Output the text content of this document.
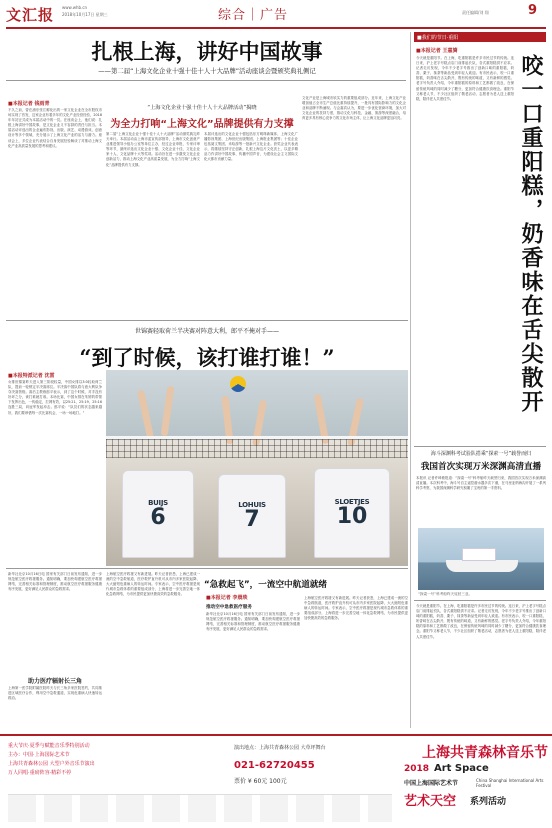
文汇报 www.whb.cn
2018年10月17日 星期三	综合｜广告	责任编辑/刘 翔	9
扎根上海，讲好中国故事
——第二届“上海文化企业十强十佳十人十大品牌”活动座谈会暨颁奖典礼侧记
■本报记者 钱雨青
不久之前，曾在浦东张江孵化出的一家文化企业在全市股权市场实现了首发，这家企业有着多年的文化产业经营经验，2018年年初正式成为本届活动中的一员。在座谈会上，他们说：扎根上海讲好中国故事，是文化企业义不容辞的责任与担当。本届活动评选出的企业遍布影视、出版、演艺、动漫游戏、创意设计等多个领域，充分展示了上海文化产业的活力与潜力。座谈会上，多位企业代表结合自身发展经验畅谈了对推动上海文化产业高质量发展的思考和建议。
“上海文化企业十强十佳十人十大品牌活动”揭晓
为全力打响“上海文化”品牌提供有力支撑
第二届“上海文化企业十强十佳十人十大品牌”活动颁奖典礼昨天举行。本届活动由上海市委宣传部指导，上海市文化创意产业推进领导小组办公室等单位主办，经过企业申报、专家评审等环节，最终评选出文化企业十强、文化企业十佳、文化企业家十人、文化品牌十大等奖项。活动旨在进一步激发文化企业创新活力，推动上海文化产业高质量发展，为全力打响“上海文化”品牌提供有力支撑。
本届评选出的文化企业十强包括东方明珠新媒体、上海文化广播影视集团、上海世纪出版集团、上海报业集团等；十佳企业包括阅文集团、米哈游等一批新兴文化企业。获奖企业代表表示，将继续坚持守正创新，扎根上海这片文化沃土，以更多精品力作讲好中国故事、传播中国声音，为建设社会主义国际文化大都市贡献力量。
文化产业是上海城市软实力的重要组成部分。近年来，上海文化产业增加值占全市生产总值比重持续提升，一批具有国际影响力的文化企业和品牌不断涌现。与会嘉宾认为，要进一步优化营商环境，加大对文化企业的扶持力度，推动文化与科技、金融、旅游等深度融合，培育更多具有核心竞争力的文化市场主体，让上海文化品牌更加闪亮。
■我们的节日·重阳
■本报记者 王嘉旖
今天就是重阳节。在上海，吃重阳糕是许多市民过节的传统。连日来，沪上老字号糕点店门前排起长队，各式重阳糕供不应求。记者走访发现，今年不少老字号推出了创新口味的重阳糕，奶香、栗子、抹茶等新品受到年轻人欢迎。有市民表示，咬一口重阳糕，奶香味在舌尖散开，既有传统的味道，又有新鲜的感觉。老字号负责人介绍，今年重阳糕的原料和工艺都做了改良，在保留传统风味的同时减少了糖分，更加符合健康饮食理念。重阳节又称老人节，不少社区组织了敬老活动，志愿者为老人送上重阳糕，陪伴老人共度佳节。	咬一口重阳糕，奶香味在舌尖散开
海斗深渊科考试验队搭乘“探索一号”载誉而归
我国首次实现万米深渊高清直播
本报讯 记者许琦敏报道：“探索一号”科考船昨天载誉归来，我国首次实现万米深渊高清直播。本次科考中，海斗号自主遥控潜水器多次下潜，在马里亚纳海沟开展了一系列科学考察，为我国深渊科学研究积累了宝贵的第一手资料。
“探索一号”科考船昨天返回三亚。
世锦赛轻取荷兰半决赛对阵意大利，郎平不掩对手——
“到了时候，该打谁打谁！”
■本报特派记者 沈雷
女排世锦赛昨天进入第三阶段较量，中国女排以3:0轻取荷兰队，提前一轮锁定半决赛席位。半决赛中国队将与意大利队争夺决赛资格。赛后主教练郎平表示，到了这个时候，对手没有好坏之分，该打谁就打谁。本场比赛，中国女排在朱婷的带领下发挥出色，一传稳定，拦网有效，以25:21、25:19、25:16连胜三局，向冠军发起冲击。郎平说：“队员们的状态越来越好，我们要珍惜每一次比赛机会，一场一场地打。”
BUIJS
6	LOHUIS
7
SLOETJES
10
新华社北京10月16日电 国家有关部门日前发布通知，进一步规范航空医疗救援服务。通知明确，要加快构建航空医疗救援网络，完善相关标准和管理制度，推动航空医疗救援服务健康有序发展，更好满足人民群众的急救需求。
助力医疗辐射长三角
上海第一医学院附属医院昨天与长三角多家医院签约，共同推进区域医疗合作，利用空中急救通道，实现危重病人快速转运救治。
上海航空医疗救援又有新进展。昨天记者获悉，上海已建成一流的空中急救航道，医疗救护直升机可从市内多家医院起降，大大缩短危重病人的转运时间。专家表示，空中医疗救援是现代城市急救体系的重要组成部分，上海将进一步完善空地一体化急救网络，为市民提供更加快捷高效的急救服务。
“急救起飞”，一流空中航道就绪
■本报记者 李晨琰
推动空中急救医疗服务
新华社北京10月16日电 国家有关部门日前发布通知，进一步规范航空医疗救援服务。通知明确，要加快构建航空医疗救援网络，完善相关标准和管理制度，推动航空医疗救援服务健康有序发展，更好满足人民群众的急救需求。
上海航空医疗救援又有新进展。昨天记者获悉，上海已建成一流的空中急救航道，医疗救护直升机可从市内多家医院起降，大大缩短危重病人的转运时间。专家表示，空中医疗救援是现代城市急救体系的重要组成部分，上海将进一步完善空地一体化急救网络，为市民提供更加快捷高效的急救服务。
今天就是重阳节。在上海，吃重阳糕是许多市民过节的传统。连日来，沪上老字号糕点店门前排起长队，各式重阳糕供不应求。记者走访发现，今年不少老字号推出了创新口味的重阳糕，奶香、栗子、抹茶等新品受到年轻人欢迎。有市民表示，咬一口重阳糕，奶香味在舌尖散开，既有传统的味道，又有新鲜的感觉。老字号负责人介绍，今年重阳糕的原料和工艺都做了改良，在保留传统风味的同时减少了糖分，更加符合健康饮食理念。重阳节又称老人节，不少社区组织了敬老活动，志愿者为老人送上重阳糕，陪伴老人共度佳节。
重大节庆·夏季与赋能音乐季特别活动
主办：中国·上海国际艺术节
上海共青森林公园 大型户外音乐节演出
万人同唱·重磅阵容·精彩不停
演出地点：上海共青森林公园 大草坪舞台
021-62720455
票价 ¥ 60元 100元
上海共青森林音乐节
2018 Art Space
中国上海国际艺术节	China Shanghai International Arts Festival
艺术天空 系列活动
